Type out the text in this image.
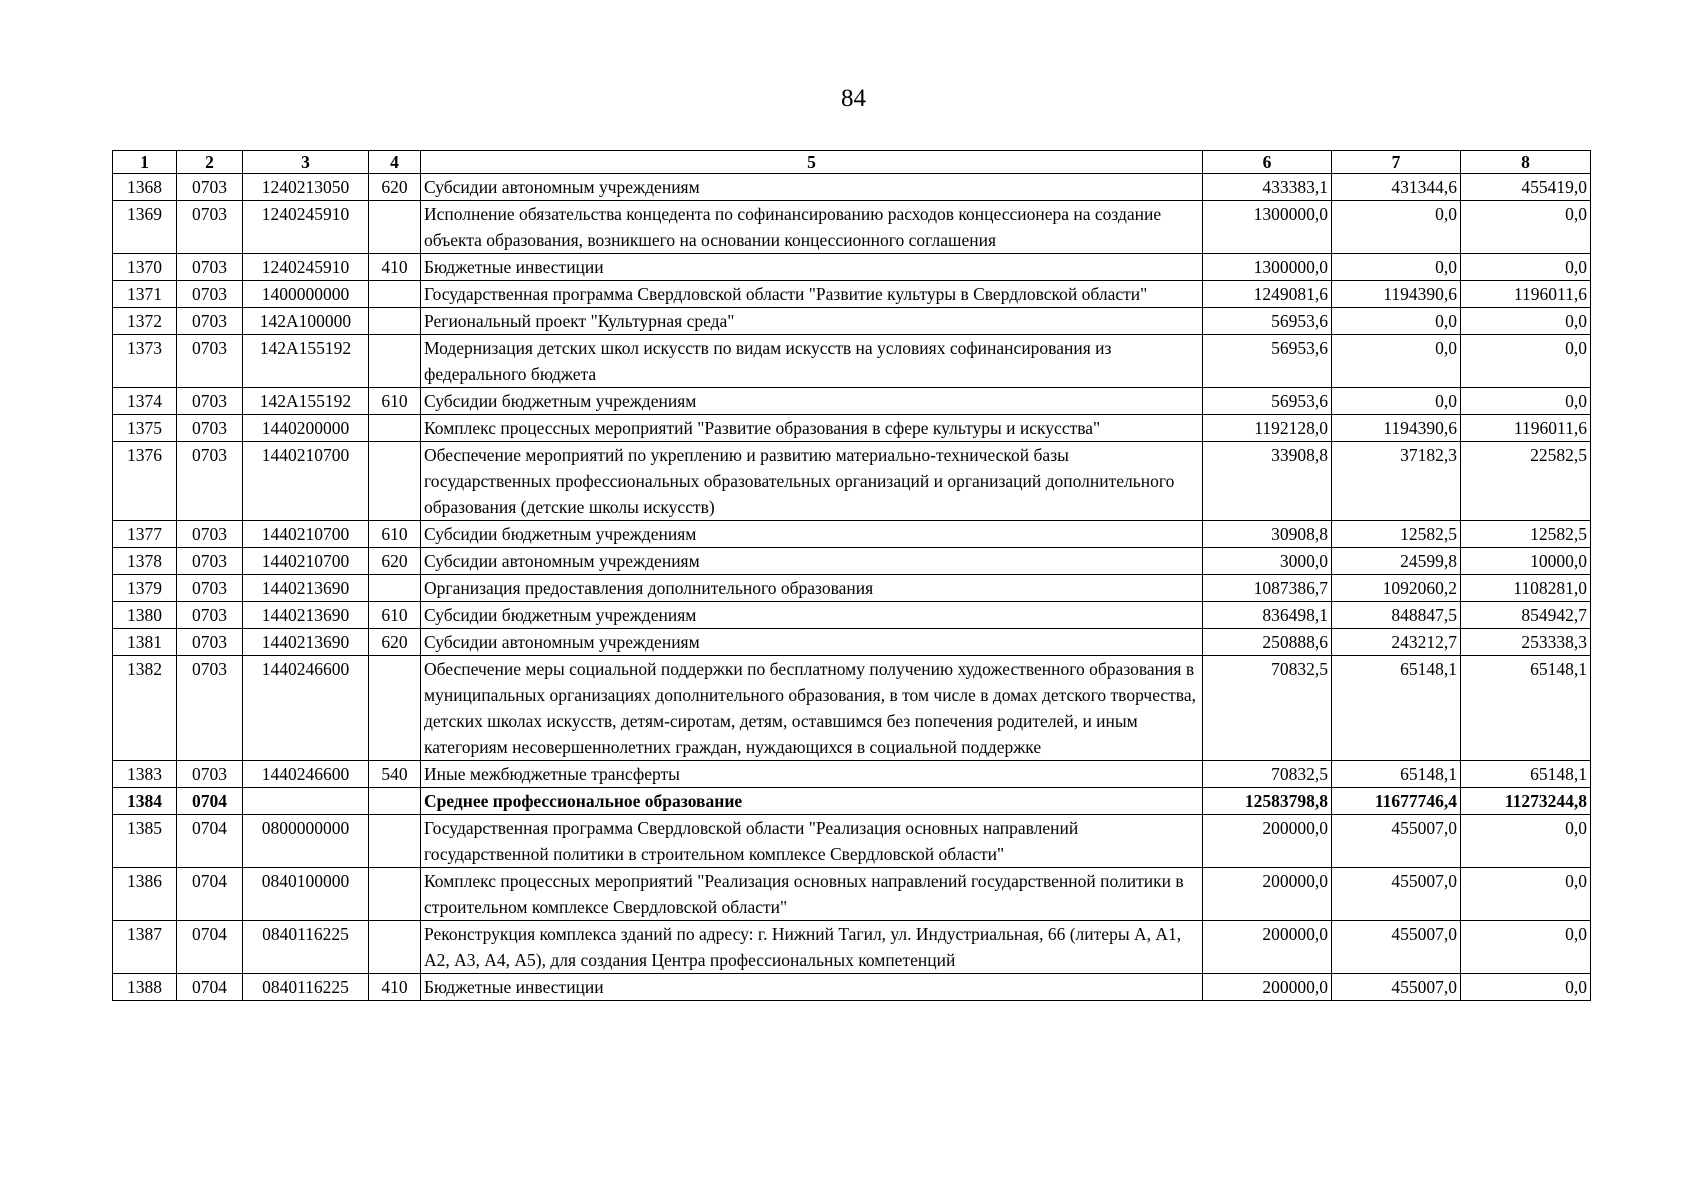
84
1	2	3	4	5	6	7	8
1368	0703	1240213050	620	Субсидии автономным учреждениям	433383,1	431344,6	455419,0
1369	0703	1240245910		Исполнение обязательства концедента по софинансированию расходов концессионера на создание объекта образования, возникшего на основании концессионного соглашения	1300000,0	0,0	0,0
1370	0703	1240245910	410	Бюджетные инвестиции	1300000,0	0,0	0,0
1371	0703	1400000000		Государственная программа Свердловской области "Развитие культуры в Свердловской области"	1249081,6	1194390,6	1196011,6
1372	0703	142A100000		Региональный проект "Культурная среда"	56953,6	0,0	0,0
1373	0703	142A155192		Модернизация детских школ искусств по видам искусств на условиях софинансирования из федерального бюджета	56953,6	0,0	0,0
1374	0703	142A155192	610	Субсидии бюджетным учреждениям	56953,6	0,0	0,0
1375	0703	1440200000		Комплекс процессных мероприятий "Развитие образования в сфере культуры и искусства"	1192128,0	1194390,6	1196011,6
1376	0703	1440210700		Обеспечение мероприятий по укреплению и развитию материально-технической базы государственных профессиональных образовательных организаций и организаций дополнительного образования (детские школы искусств)	33908,8	37182,3	22582,5
1377	0703	1440210700	610	Субсидии бюджетным учреждениям	30908,8	12582,5	12582,5
1378	0703	1440210700	620	Субсидии автономным учреждениям	3000,0	24599,8	10000,0
1379	0703	1440213690		Организация предоставления дополнительного образования	1087386,7	1092060,2	1108281,0
1380	0703	1440213690	610	Субсидии бюджетным учреждениям	836498,1	848847,5	854942,7
1381	0703	1440213690	620	Субсидии автономным учреждениям	250888,6	243212,7	253338,3
1382	0703	1440246600		Обеспечение меры социальной поддержки по бесплатному получению художественного образования в муниципальных организациях дополнительного образования, в том числе в домах детского творчества, детских школах искусств, детям-сиротам, детям, оставшимся без попечения родителей, и иным категориям несовершеннолетних граждан, нуждающихся в социальной поддержке	70832,5	65148,1	65148,1
1383	0703	1440246600	540	Иные межбюджетные трансферты	70832,5	65148,1	65148,1
1384	0704			Среднее профессиональное образование	12583798,8	11677746,4	11273244,8
1385	0704	0800000000		Государственная программа Свердловской области "Реализация основных направлений государственной политики в строительном комплексе Свердловской области"	200000,0	455007,0	0,0
1386	0704	0840100000		Комплекс процессных мероприятий "Реализация основных направлений государственной политики в строительном комплексе Свердловской области"	200000,0	455007,0	0,0
1387	0704	0840116225		Реконструкция комплекса зданий по адресу: г. Нижний Тагил, ул. Индустриальная, 66 (литеры А, А1, А2, А3, А4, А5), для создания Центра профессиональных компетенций	200000,0	455007,0	0,0
1388	0704	0840116225	410	Бюджетные инвестиции	200000,0	455007,0	0,0
